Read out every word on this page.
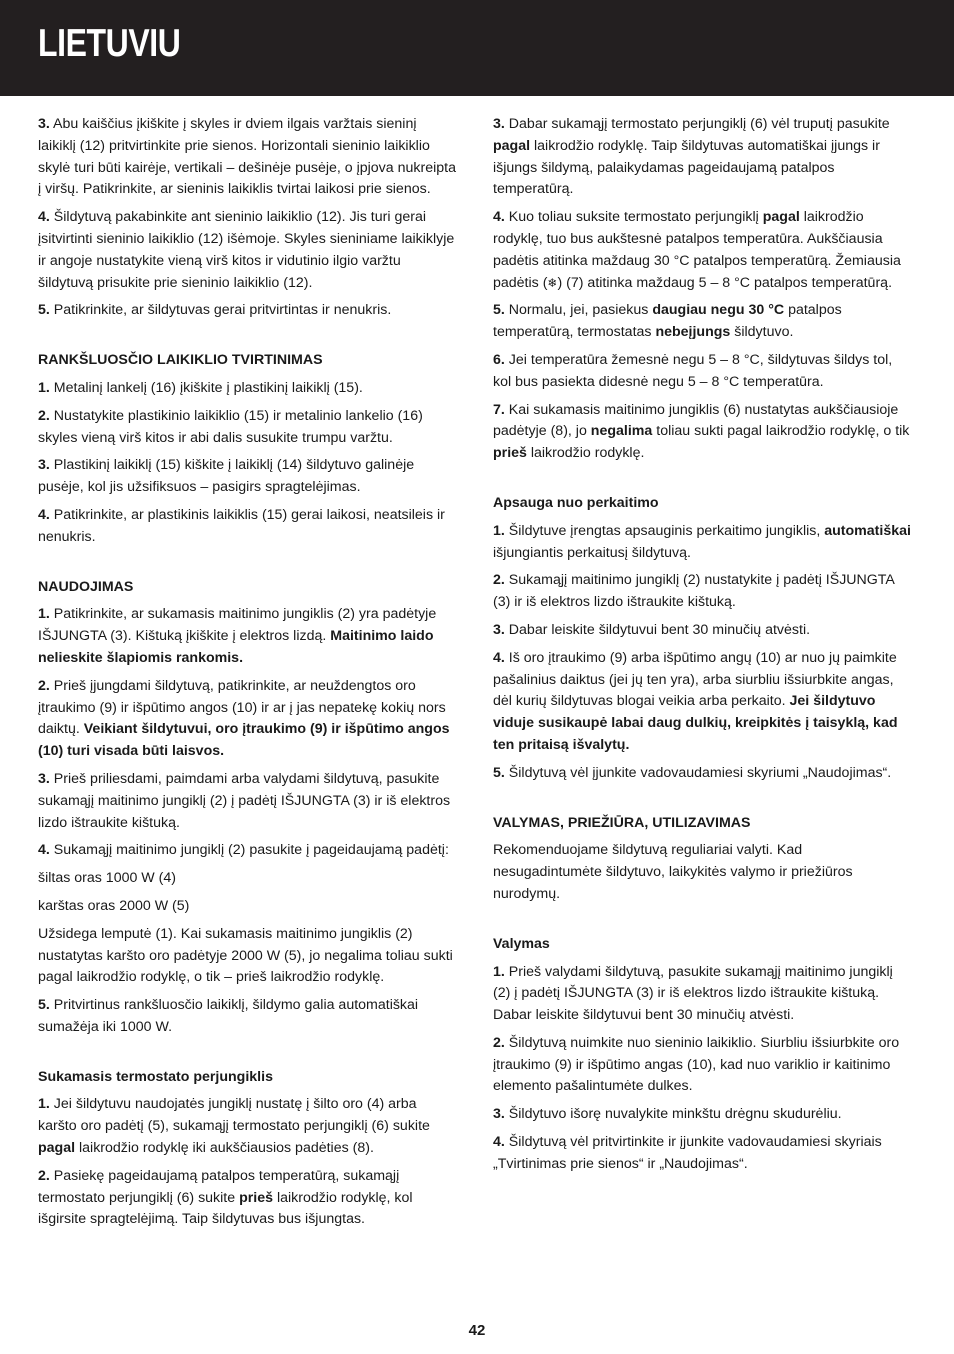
LIETUVIU

3. Abu kaiščius įkiškite į skyles ir dviem ilgais varžtais sieninį laikiklį (12) pritvirtinkite prie sienos. Horizontali sieninio laikiklio skylė turi būti kairėje, vertikali – dešinėje pusėje, o įpjova nukreipta į viršų. Patikrinkite, ar sieninis laikiklis tvirtai laikosi prie sienos.

4. Šildytuvą pakabinkite ant sieninio laikiklio (12). Jis turi gerai įsitvirtinti sieninio laikiklio (12) išėmoje. Skyles sieniniame laikiklyje ir angoje nustatykite vieną virš kitos ir vidutinio ilgio varžtu šildytuvą prisukite prie sieninio laikiklio (12).

5. Patikrinkite, ar šildytuvas gerai pritvirtintas ir nenukris.

RANKŠLUOSČIO LAIKIKLIO TVIRTINIMAS

1. Metalinį lankelį (16) įkiškite į plastikinį laikiklį (15).

2. Nustatykite plastikinio laikiklio (15) ir metalinio lankelio (16) skyles vieną virš kitos ir abi dalis susukite trumpu varžtu.

3. Plastikinį laikiklį (15) kiškite į laikiklį (14) šildytuvo galinėje pusėje, kol jis užsifiksuos – pasigirs spragtelėjimas.

4. Patikrinkite, ar plastikinis laikiklis (15) gerai laikosi, neatsileis ir nenukris.

NAUDOJIMAS

1. Patikrinkite, ar sukamasis maitinimo jungiklis (2) yra padėtyje IŠJUNGTA (3). Kištuką įkiškite į elektros lizdą. Maitinimo laido nelieskite šlapiomis rankomis.

2. Prieš įjungdami šildytuvą, patikrinkite, ar neuždengtos oro įtraukimo (9) ir išpūtimo angos (10) ir ar į jas nepatekę kokių nors daiktų. Veikiant šildytuvui, oro įtraukimo (9) ir išpūtimo angos (10) turi visada būti laisvos.

3. Prieš priliesdami, paimdami arba valydami šildytuvą, pasukite sukamąjį maitinimo jungiklį (2) į padėtį IŠJUNGTA (3) ir iš elektros lizdo ištraukite kištuką.

4. Sukamąjį maitinimo jungiklį (2) pasukite į pageidaujamą padėtį:

šiltas oras 1000 W (4)

karštas oras 2000 W (5)

Užsidega lemputė (1). Kai sukamasis maitinimo jungiklis (2) nustatytas karšto oro padėtyje 2000 W (5), jo negalima toliau sukti pagal laikrodžio rodyklę, o tik – prieš laikrodžio rodyklę.

5. Pritvirtinus rankšluosčio laikiklį, šildymo galia automatiškai sumažėja iki 1000 W.

Sukamasis termostato perjungiklis

1. Jei šildytuvu naudojatės jungiklį nustatę į šilto oro (4) arba karšto oro padėtį (5), sukamąjį termostato perjungiklį (6) sukite pagal laikrodžio rodyklę iki aukščiausios padėties (8).

2. Pasiekę pageidaujamą patalpos temperatūrą, sukamąjį termostato perjungiklį (6) sukite prieš laikrodžio rodyklę, kol išgirsite spragtelėjimą. Taip šildytuvas bus išjungtas.

3. Dabar sukamąjį termostato perjungiklį (6) vėl truputį pasukite pagal laikrodžio rodyklę. Taip šildytuvas automatiškai įjungs ir išjungs šildymą, palaikydamas pageidaujamą patalpos temperatūrą.

4. Kuo toliau suksite termostato perjungiklį pagal laikrodžio rodyklę, tuo bus aukštesnė patalpos temperatūra. Aukščiausia padėtis atitinka maždaug 30 °C patalpos temperatūrą. Žemiausia padėtis (❄) (7) atitinka maždaug 5 – 8 °C patalpos temperatūrą.

5. Normalu, jei, pasiekus daugiau negu 30 °C patalpos temperatūrą, termostatas nebeįjungs šildytuvo.

6. Jei temperatūra žemesnė negu 5 – 8 °C, šildytuvas šildys tol, kol bus pasiekta didesnė negu 5 – 8 °C temperatūra.

7. Kai sukamasis maitinimo jungiklis (6) nustatytas aukščiausioje padėtyje (8), jo negalima toliau sukti pagal laikrodžio rodyklę, o tik prieš laikrodžio rodyklę.

Apsauga nuo perkaitimo

1. Šildytuve įrengtas apsauginis perkaitimo jungiklis, automatiškai išjungiantis perkaitusį šildytuvą.

2. Sukamąjį maitinimo jungiklį (2) nustatykite į padėtį IŠJUNGTA (3) ir iš elektros lizdo ištraukite kištuką.

3. Dabar leiskite šildytuvui bent 30 minučių atvėsti.

4. Iš oro įtraukimo (9) arba išpūtimo angų (10) ar nuo jų paimkite pašalinius daiktus (jei jų ten yra), arba siurbliu išsiurbkite angas, dėl kurių šildytuvas blogai veikia arba perkaito. Jei šildytuvo viduje susikaupė labai daug dulkių, kreipkitės į taisyklą, kad ten pritaisą išvalytų.

5. Šildytuvą vėl įjunkite vadovaudamiesi skyriumi „Naudojimas“.

VALYMAS, PRIEŽIŪRA, UTILIZAVIMAS

Rekomenduojame šildytuvą reguliariai valyti. Kad nesugadintumėte šildytuvo, laikykitės valymo ir priežiūros nurodymų.

Valymas

1. Prieš valydami šildytuvą, pasukite sukamąjį maitinimo jungiklį (2) į padėtį IŠJUNGTA (3) ir iš elektros lizdo ištraukite kištuką. Dabar leiskite šildytuvui bent 30 minučių atvėsti.

2. Šildytuvą nuimkite nuo sieninio laikiklio. Siurbliu išsiurbkite oro įtraukimo (9) ir išpūtimo angas (10), kad nuo variklio ir kaitinimo elemento pašalintumėte dulkes.

3. Šildytuvo išorę nuvalykite minkštu drėgnu skudurėliu.

4. Šildytuvą vėl pritvirtinkite ir įjunkite vadovaudamiesi skyriais „Tvirtinimas prie sienos“ ir „Naudojimas“.

42
